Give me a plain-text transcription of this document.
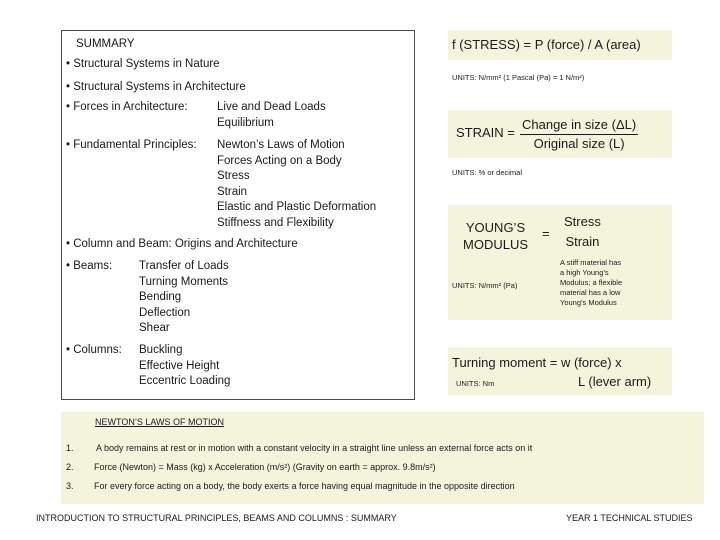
SUMMARY
• Structural Systems in Nature
• Structural Systems in Architecture
• Forces in Architecture:	Live and Dead Loads
Equilibrium
• Fundamental Principles: Newton’s Laws of Motion
Forces Acting on a Body
Stress
Strain
Elastic and Plastic Deformation
Stiffness and Flexibility
• Column and Beam: Origins and Architecture
• Beams: Transfer of Loads
Turning Moments
Bending
Deflection
Shear
• Columns: Buckling
Effective Height
Eccentric Loading
f (STRESS) = P (force) / A (area)
UNITS: N/mm² (1 Pascal (Pa) = 1 N/m²)
STRAIN =
Change in size (ΔL)
Original size (L)
UNITS: % or decimal
YOUNG’S
MODULUS
=
Stress
Strain
UNITS: N/mm² (Pa)
A stiff material has
a high Young’s
Modulus; a flexible
material has a low
Young’s Modulus
Turning moment = w (force) x
UNITS: Nm	L (lever arm)
NEWTON’S LAWS OF MOTION
1. A body remains at rest or in motion with a constant velocity in a straight line unless an external force acts on it
2. Force (Newton) = Mass (kg) x Acceleration (m/s²) (Gravity on earth = approx. 9.8m/s²)
3. For every force acting on a body, the body exerts a force having equal magnitude in the opposite direction
INTRODUCTION TO STRUCTURAL PRINCIPLES, BEAMS AND COLUMNS : SUMMARY	YEAR 1 TECHNICAL STUDIES
